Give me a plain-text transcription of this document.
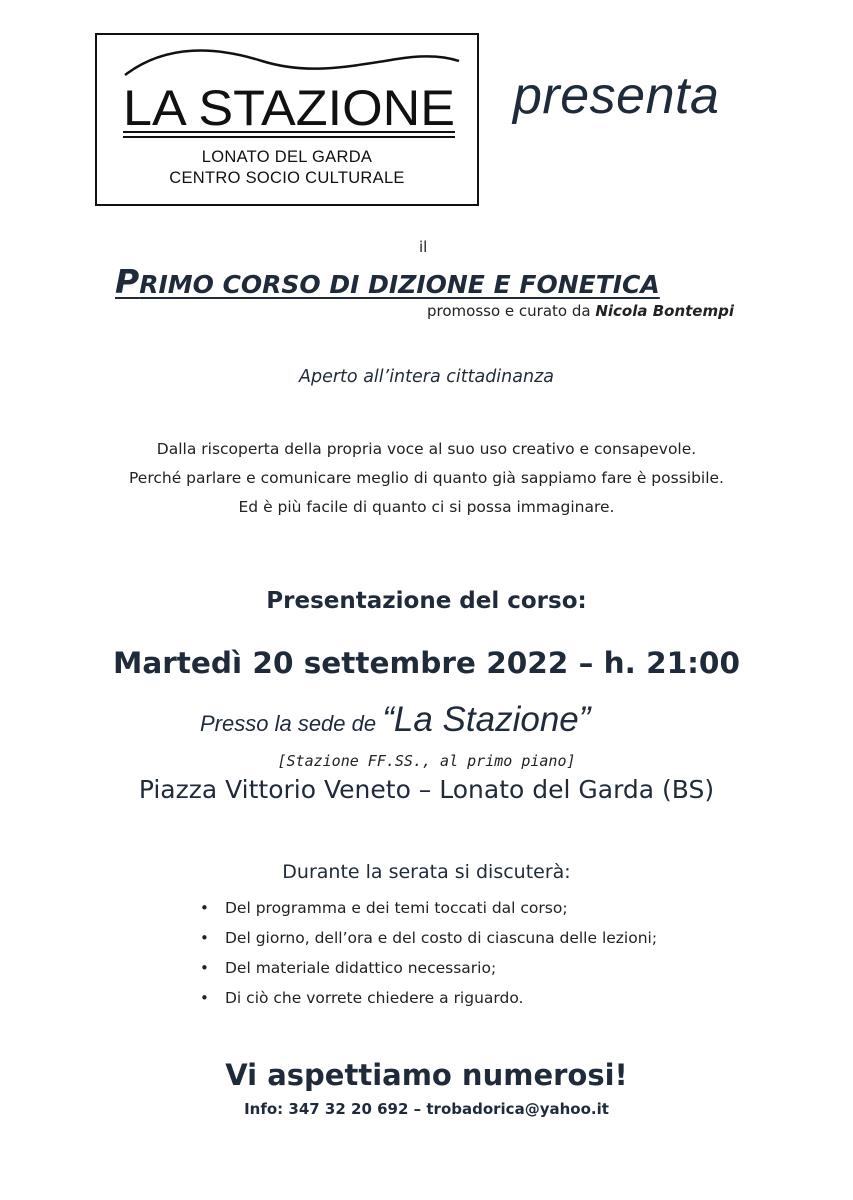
LA STAZIONE
LONATO DEL GARDA
CENTRO SOCIO CULTURALE
presenta
il
PRIMO CORSO DI DIZIONE E FONETICA
promosso e curato da Nicola Bontempi
Aperto all’intera cittadinanza
Dalla riscoperta della propria voce al suo uso creativo e consapevole.
Perché parlare e comunicare meglio di quanto già sappiamo fare è possibile.
Ed è più facile di quanto ci si possa immaginare.
Presentazione del corso:
Martedì 20 settembre 2022 – h. 21:00
Presso la sede de “La Stazione”
[Stazione FF.SS., al primo piano]
Piazza Vittorio Veneto – Lonato del Garda (BS)
Durante la serata si discuterà:
• Del programma e dei temi toccati dal corso;
• Del giorno, dell’ora e del costo di ciascuna delle lezioni;
• Del materiale didattico necessario;
• Di ciò che vorrete chiedere a riguardo.
Vi aspettiamo numerosi!
Info: 347 32 20 692 – trobadorica@yahoo.it
